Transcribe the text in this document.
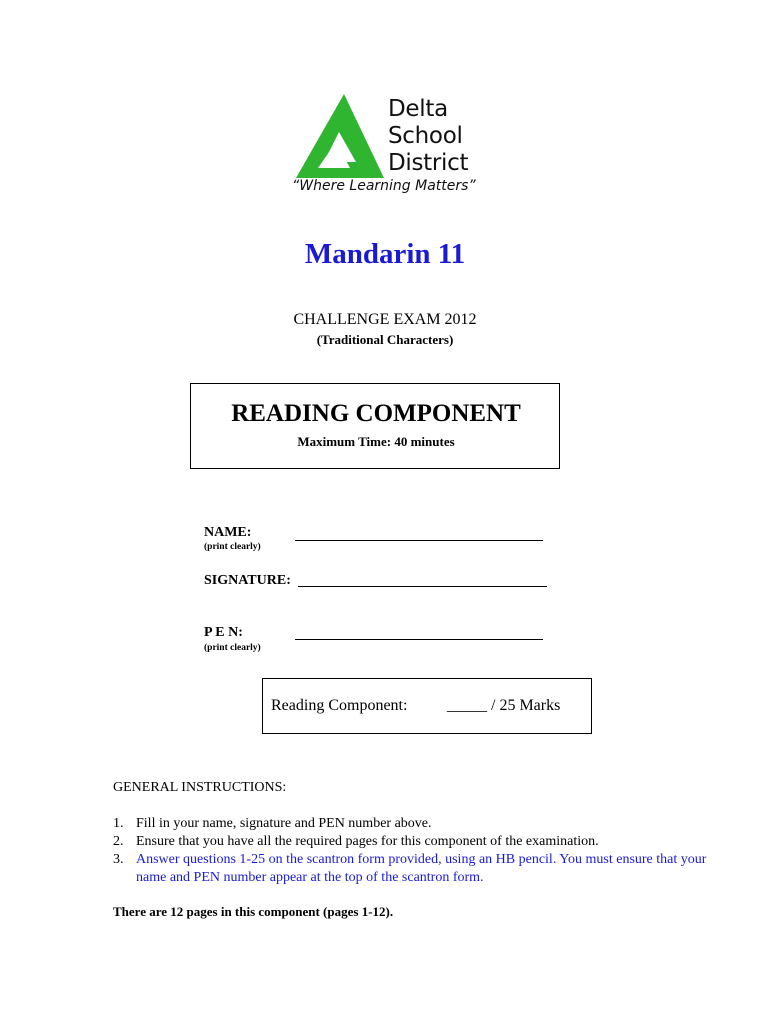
Delta
School
District
“Where Learning Matters”
Mandarin 11
CHALLENGE EXAM 2012
(Traditional Characters)
READING COMPONENT
Maximum Time: 40 minutes
NAME:
(print clearly)
SIGNATURE:
P E N:
(print clearly)
Reading Component: _____ / 25 Marks
GENERAL INSTRUCTIONS:
1. Fill in your name, signature and PEN number above.
2. Ensure that you have all the required pages for this component of the examination.
3. Answer questions 1-25 on the scantron form provided, using an HB pencil. You must ensure that your name and PEN number appear at the top of the scantron form.
There are 12 pages in this component (pages 1-12).
